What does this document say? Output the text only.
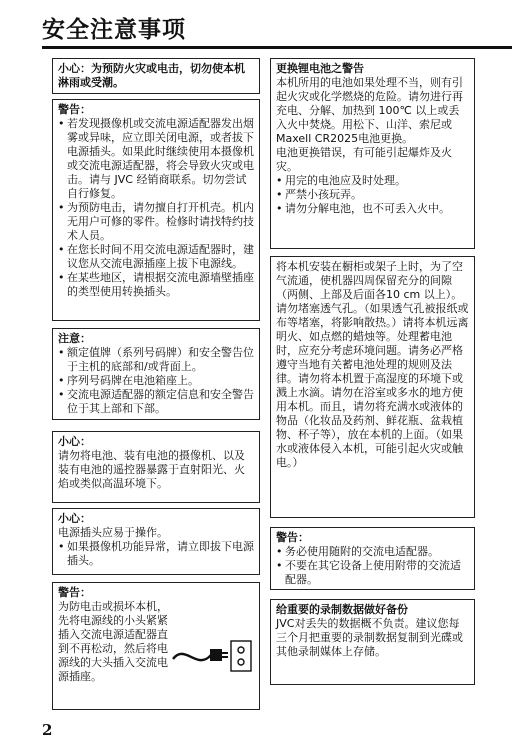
安全注意事项

小心：为预防火灾或电击，切勿使本机淋雨或受潮。

警告：
• 若发现摄像机或交流电源适配器发出烟雾或异味，应立即关闭电源，或者拔下电源插头。如果此时继续使用本摄像机或交流电源适配器，将会导致火灾或电击。请与 JVC 经销商联系。切勿尝试自行修复。
• 为预防电击，请勿擅自打开机壳。机内无用户可修的零件。检修时请找特约技术人员。
• 在您长时间不用交流电源适配器时，建议您从交流电源插座上拔下电源线。
• 在某些地区，请根据交流电源墙壁插座的类型使用转换插头。
注意：
• 额定值牌（系列号码牌）和安全警告位于主机的底部和/或背面上。
• 序列号码牌在电池箱座上。
• 交流电源适配器的额定信息和安全警告位于其上部和下部。
小心：

请勿将电池、装有电池的摄像机、以及装有电池的遥控器暴露于直射阳光、火焰或类似高温环境下。

小心：

电源插头应易于操作。

• 如果摄像机功能异常，请立即拔下电源插头。
警告：

为防电击或损坏本机，先将电源线的小头紧紧插入交流电源适配器直到不再松动，然后将电源线的大头插入交流电源插座。

更换锂电池之警告

本机所用的电池如果处理不当，则有引起火灾或化学燃烧的危险。请勿进行再充电、分解、加热到 100℃ 以上或丢入火中焚烧。用松下、山洋、索尼或Maxell CR2025电池更换。

电池更换错误，有可能引起爆炸及火灾。

• 用完的电池应及时处理。
• 严禁小孩玩弄。
• 请勿分解电池，也不可丢入火中。

将本机安装在橱柜或架子上时，为了空气流通，使机器四周保留充分的间隙（两侧、上部及后面各10 cm 以上）。请勿堵塞透气孔。（如果透气孔被报纸或布等堵塞，将影响散热。）请将本机远离明火、如点燃的蜡烛等。处理蓄电池时，应充分考虑环境问题。请务必严格遵守当地有关蓄电池处理的规则及法律。请勿将本机置于高湿度的环境下或溅上水滴。请勿在浴室或多水的地方使用本机。而且，请勿将充满水或液体的物品（化妆品及药剂、鲜花瓶、盆栽植物、杯子等），放在本机的上面。（如果水或液体侵入本机，可能引起火灾或触电。）

警告：
• 务必使用随附的交流电适配器。
• 不要在其它设备上使用附带的交流适配器。
给重要的录制数据做好备份

JVC对丢失的数据概不负责。建议您每三个月把重要的录制数据复制到光碟或其他录制媒体上存储。

2
